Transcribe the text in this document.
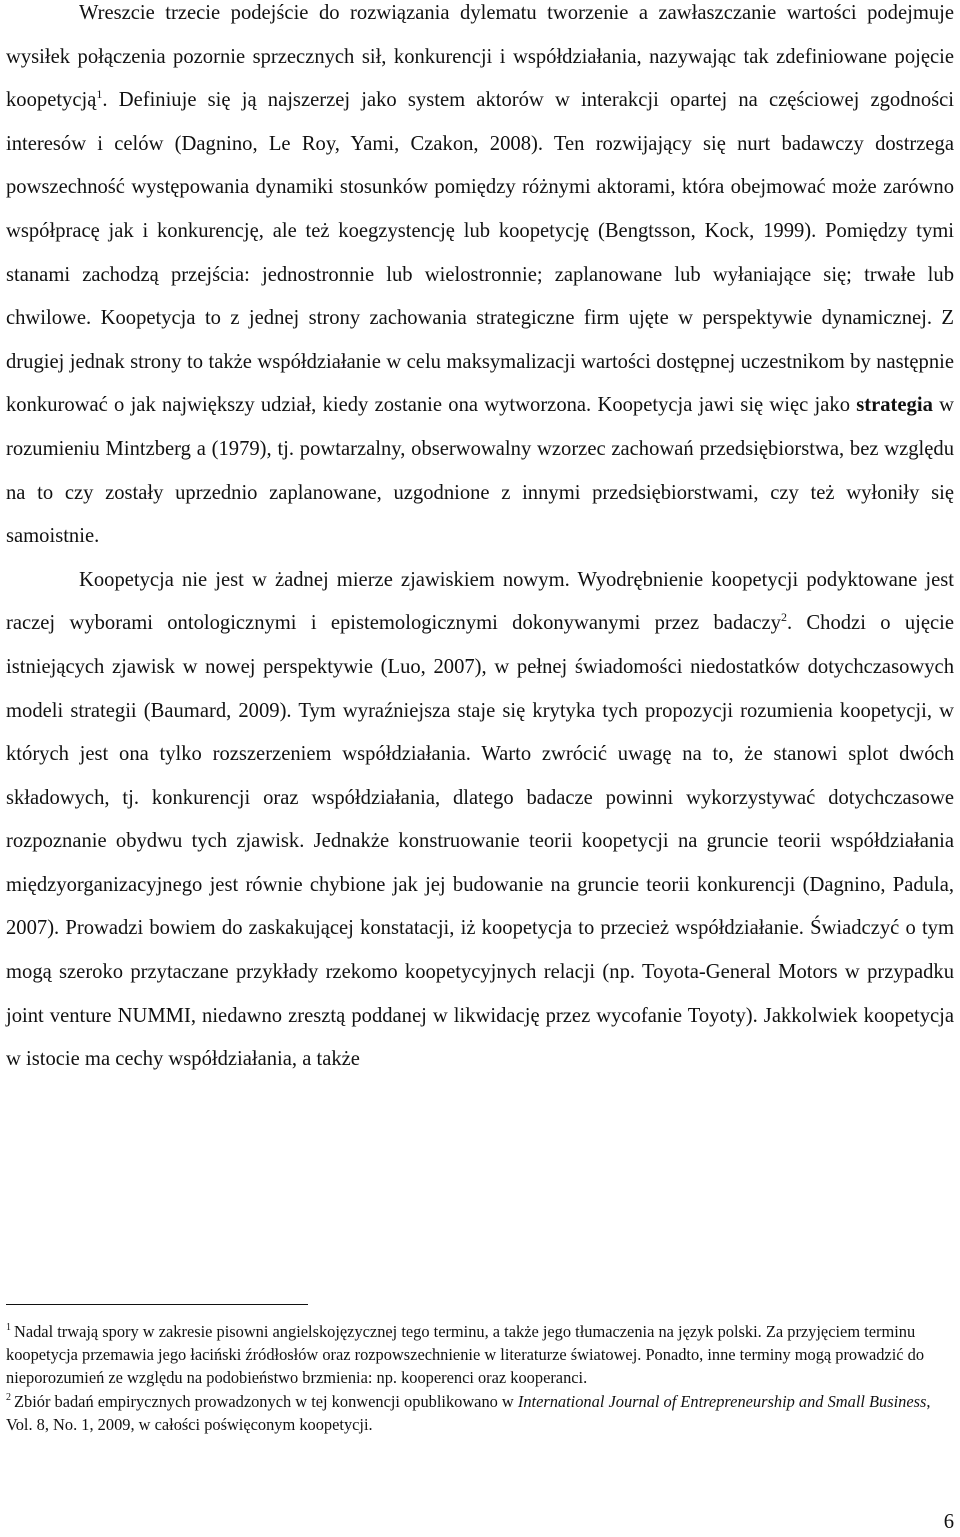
Wreszcie trzecie podejście do rozwiązania dylematu tworzenie a zawłaszczanie wartości podejmuje wysiłek połączenia pozornie sprzecznych sił, konkurencji i współdziałania, nazywając tak zdefiniowane pojęcie koopetycją$^1$. Definiuje się ją najszerzej jako system aktorów w interakcji opartej na częściowej zgodności interesów i celów (Dagnino, Le Roy, Yami, Czakon, 2008). Ten rozwijający się nurt badawczy dostrzega powszechność występowania dynamiki stosunków pomiędzy różnymi aktorami, która obejmować może zarówno współpracę jak i konkurencję, ale też koegzystencję lub koopetycję (Bengtsson, Kock, 1999). Pomiędzy tymi stanami zachodzą przejścia: jednostronnie lub wielostronnie; zaplanowane lub wyłaniające się; trwałe lub chwilowe. Koopetycja to z jednej strony zachowania strategiczne firm ujęte w perspektywie dynamicznej. Z drugiej jednak strony to także współdziałanie w celu maksymalizacji wartości dostępnej uczestnikom by następnie konkurować o jak największy udział, kiedy zostanie ona wytworzona. Koopetycja jawi się więc jako strategia w rozumieniu Mintzberg a (1979), tj. powtarzalny, obserwowalny wzorzec zachowań przedsiębiorstwa, bez względu na to czy zostały uprzednio zaplanowane, uzgodnione z innymi przedsiębiorstwami, czy też wyłoniły się samoistnie.

Koopetycja nie jest w żadnej mierze zjawiskiem nowym. Wyodrębnienie koopetycji podyktowane jest raczej wyborami ontologicznymi i epistemologicznymi dokonywanymi przez badaczy$^2$. Chodzi o ujęcie istniejących zjawisk w nowej perspektywie (Luo, 2007), w pełnej świadomości niedostatków dotychczasowych modeli strategii (Baumard, 2009). Tym wyraźniejsza staje się krytyka tych propozycji rozumienia koopetycji, w których jest ona tylko rozszerzeniem współdziałania. Warto zwrócić uwagę na to, że stanowi splot dwóch składowych, tj. konkurencji oraz współdziałania, dlatego badacze powinni wykorzystywać dotychczasowe rozpoznanie obydwu tych zjawisk. Jednakże konstruowanie teorii koopetycji na gruncie teorii współdziałania międzyorganizacyjnego jest równie chybione jak jej budowanie na gruncie teorii konkurencji (Dagnino, Padula, 2007). Prowadzi bowiem do zaskakującej konstatacji, iż koopetycja to przecież współdziałanie. Świadczyć o tym mogą szeroko przytaczane przykłady rzekomo koopetycyjnych relacji (np. Toyota-General Motors w przypadku joint venture NUMMI, niedawno zresztą poddanej w likwidację przez wycofanie Toyoty). Jakkolwiek koopetycja w istocie ma cechy współdziałania, a także

$^1$ Nadal trwają spory w zakresie pisowni angielskojęzycznej tego terminu, a także jego tłumaczenia na język polski. Za przyjęciem terminu koopetycja przemawia jego łaciński źródłosłów oraz rozpowszechnienie w literaturze światowej. Ponadto, inne terminy mogą prowadzić do nieporozumień ze względu na podobieństwo brzmienia: np. kooperenci oraz kooperanci.

$^2$ Zbiór badań empirycznych prowadzonych w tej konwencji opublikowano w International Journal of Entrepreneurship and Small Business, Vol. 8, No. 1, 2009, w całości poświęconym koopetycji.

6
